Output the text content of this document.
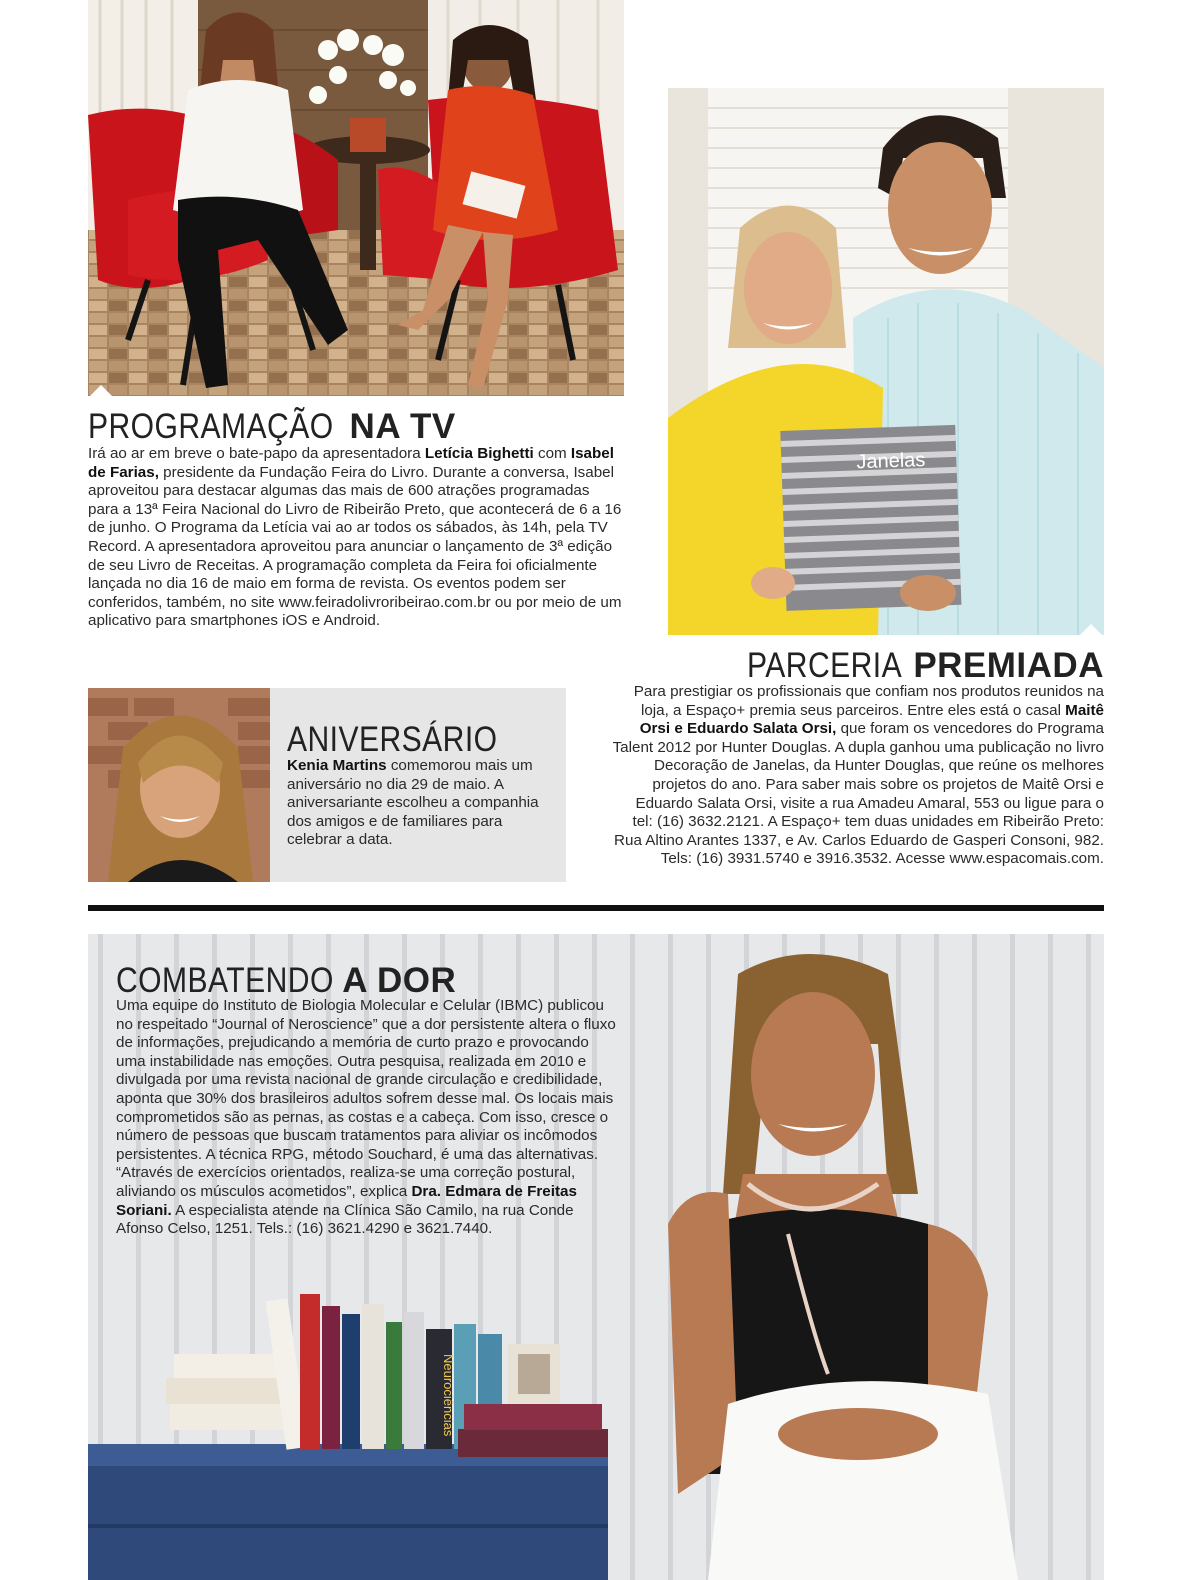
PROGRAMAÇÃO NA TV

Irá ao ar em breve o bate-papo da apresentadora Letícia Bighetti com Isabel de Farias, presidente da Fundação Feira do Livro. Durante a conversa, Isabel aproveitou para destacar algumas das mais de 600 atrações programadas para a 13ª Feira Nacional do Livro de Ribeirão Preto, que acontecerá de 6 a 16 de junho. O Programa da Letícia vai ao ar todos os sábados, às 14h, pela TV Record. A apresentadora aproveitou para anunciar o lançamento de 3ª edição de seu Livro de Receitas. A programação completa da Feira foi oficialmente lançada no dia 16 de maio em forma de revista. Os eventos podem ser conferidos, também, no site www.feiradolivroribeirao.com.br ou por meio de um aplicativo para smartphones iOS e Android.

ANIVERSÁRIO

Kenia Martins comemorou mais um aniversário no dia 29 de maio. A aniversariante escolheu a companhia dos amigos e de familiares para celebrar a data.

Janelas
PARCERIA PREMIADA

Para prestigiar os profissionais que confiam nos produtos reunidos na loja, a Espaço+ premia seus parceiros. Entre eles está o casal Maitê Orsi e Eduardo Salata Orsi, que foram os vencedores do Programa Talent 2012 por Hunter Douglas. A dupla ganhou uma publicação no livro Decoração de Janelas, da Hunter Douglas, que reúne os melhores projetos do ano. Para saber mais sobre os projetos de Maitê Orsi e Eduardo Salata Orsi, visite a rua Amadeu Amaral, 553 ou ligue para o tel: (16) 3632.2121. A Espaço+ tem duas unidades em Ribeirão Preto: Rua Altino Arantes 1337, e Av. Carlos Eduardo de Gasperi Consoni, 982. Tels: (16) 3931.5740 e 3916.3532. Acesse www.espacomais.com.

Neurociências
COMBATENDO A DOR

Uma equipe do Instituto de Biologia Molecular e Celular (IBMC) publicou no respeitado “Journal of Neroscience” que a dor persistente altera o fluxo de informações, prejudicando a memória de curto prazo e provocando uma instabilidade nas emoções. Outra pesquisa, realizada em 2010 e divulgada por uma revista nacional de grande circulação e credibilidade, aponta que 30% dos brasileiros adultos sofrem desse mal. Os locais mais comprometidos são as pernas, as costas e a cabeça. Com isso, cresce o número de pessoas que buscam tratamentos para aliviar os incômodos persistentes. A técnica RPG, método Souchard, é uma das alternativas. “Através de exercícios orientados, realiza-se uma correção postural, aliviando os músculos acometidos”, explica Dra. Edmara de Freitas Soriani. A especialista atende na Clínica São Camilo, na rua Conde Afonso Celso, 1251. Tels.: (16) 3621.4290 e 3621.7440.
